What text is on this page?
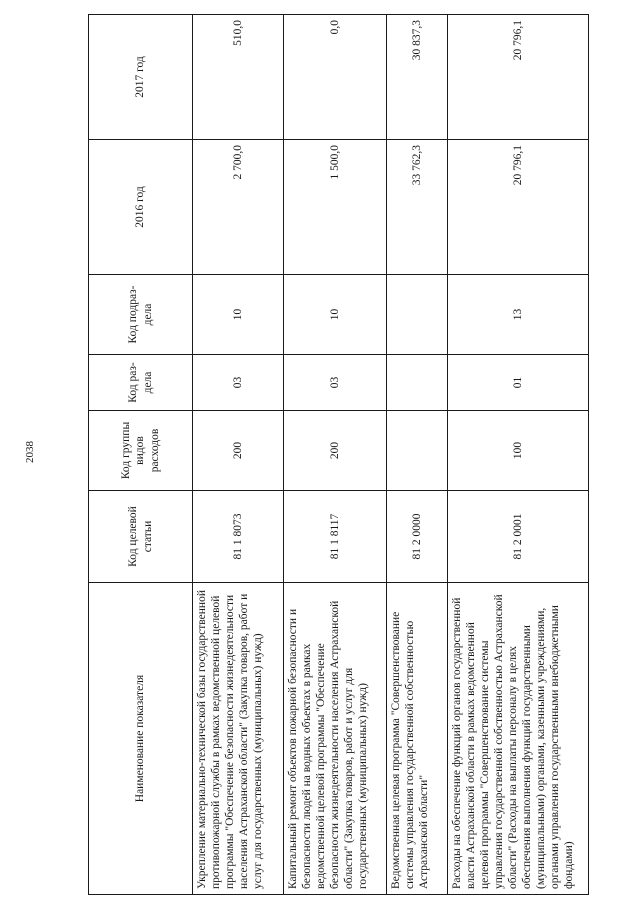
2038
Наименование показателя	Код целевой статьи	Код группы видов расходов	Код раз-дела	Код подраз-дела	2016 год	2017 год
Укрепление материально-технической базы государственной противопожарной службы в рамках ведомственной целевой программы "Обеспечение безопасности жизнедеятельности населения Астраханской области" (Закупка товаров, работ и услуг для государственных (муниципальных) нужд)	81 1 8073	200	03	10	2 700,0	510,0
Капитальный ремонт объектов пожарной безопасности и безопасности людей на водных объектах в рамках ведомственной целевой программы "Обеспечение безопасности жизнедеятельности населения Астраханской области" (Закупка товаров, работ и услуг для государственных (муниципальных) нужд)	81 1 8117	200	03	10	1 500,0	0,0
Ведомственная целевая программа "Совершенствование системы управления государственной собственностью Астраханской области"	81 2 0000				33 762,3	30 837,3
Расходы на обеспечение функций органов государственной власти Астраханской области в рамках ведомственной целевой программы "Совершенствование системы управления государственной собственностью Астраханской области" (Расходы на выплаты персоналу в целях обеспечения выполнения функций государственными (муниципальными) органами, казенными учреждениями, органами управления государственными внебюджетными фондами)	81 2 0001	100	01	13	20 796,1	20 796,1
